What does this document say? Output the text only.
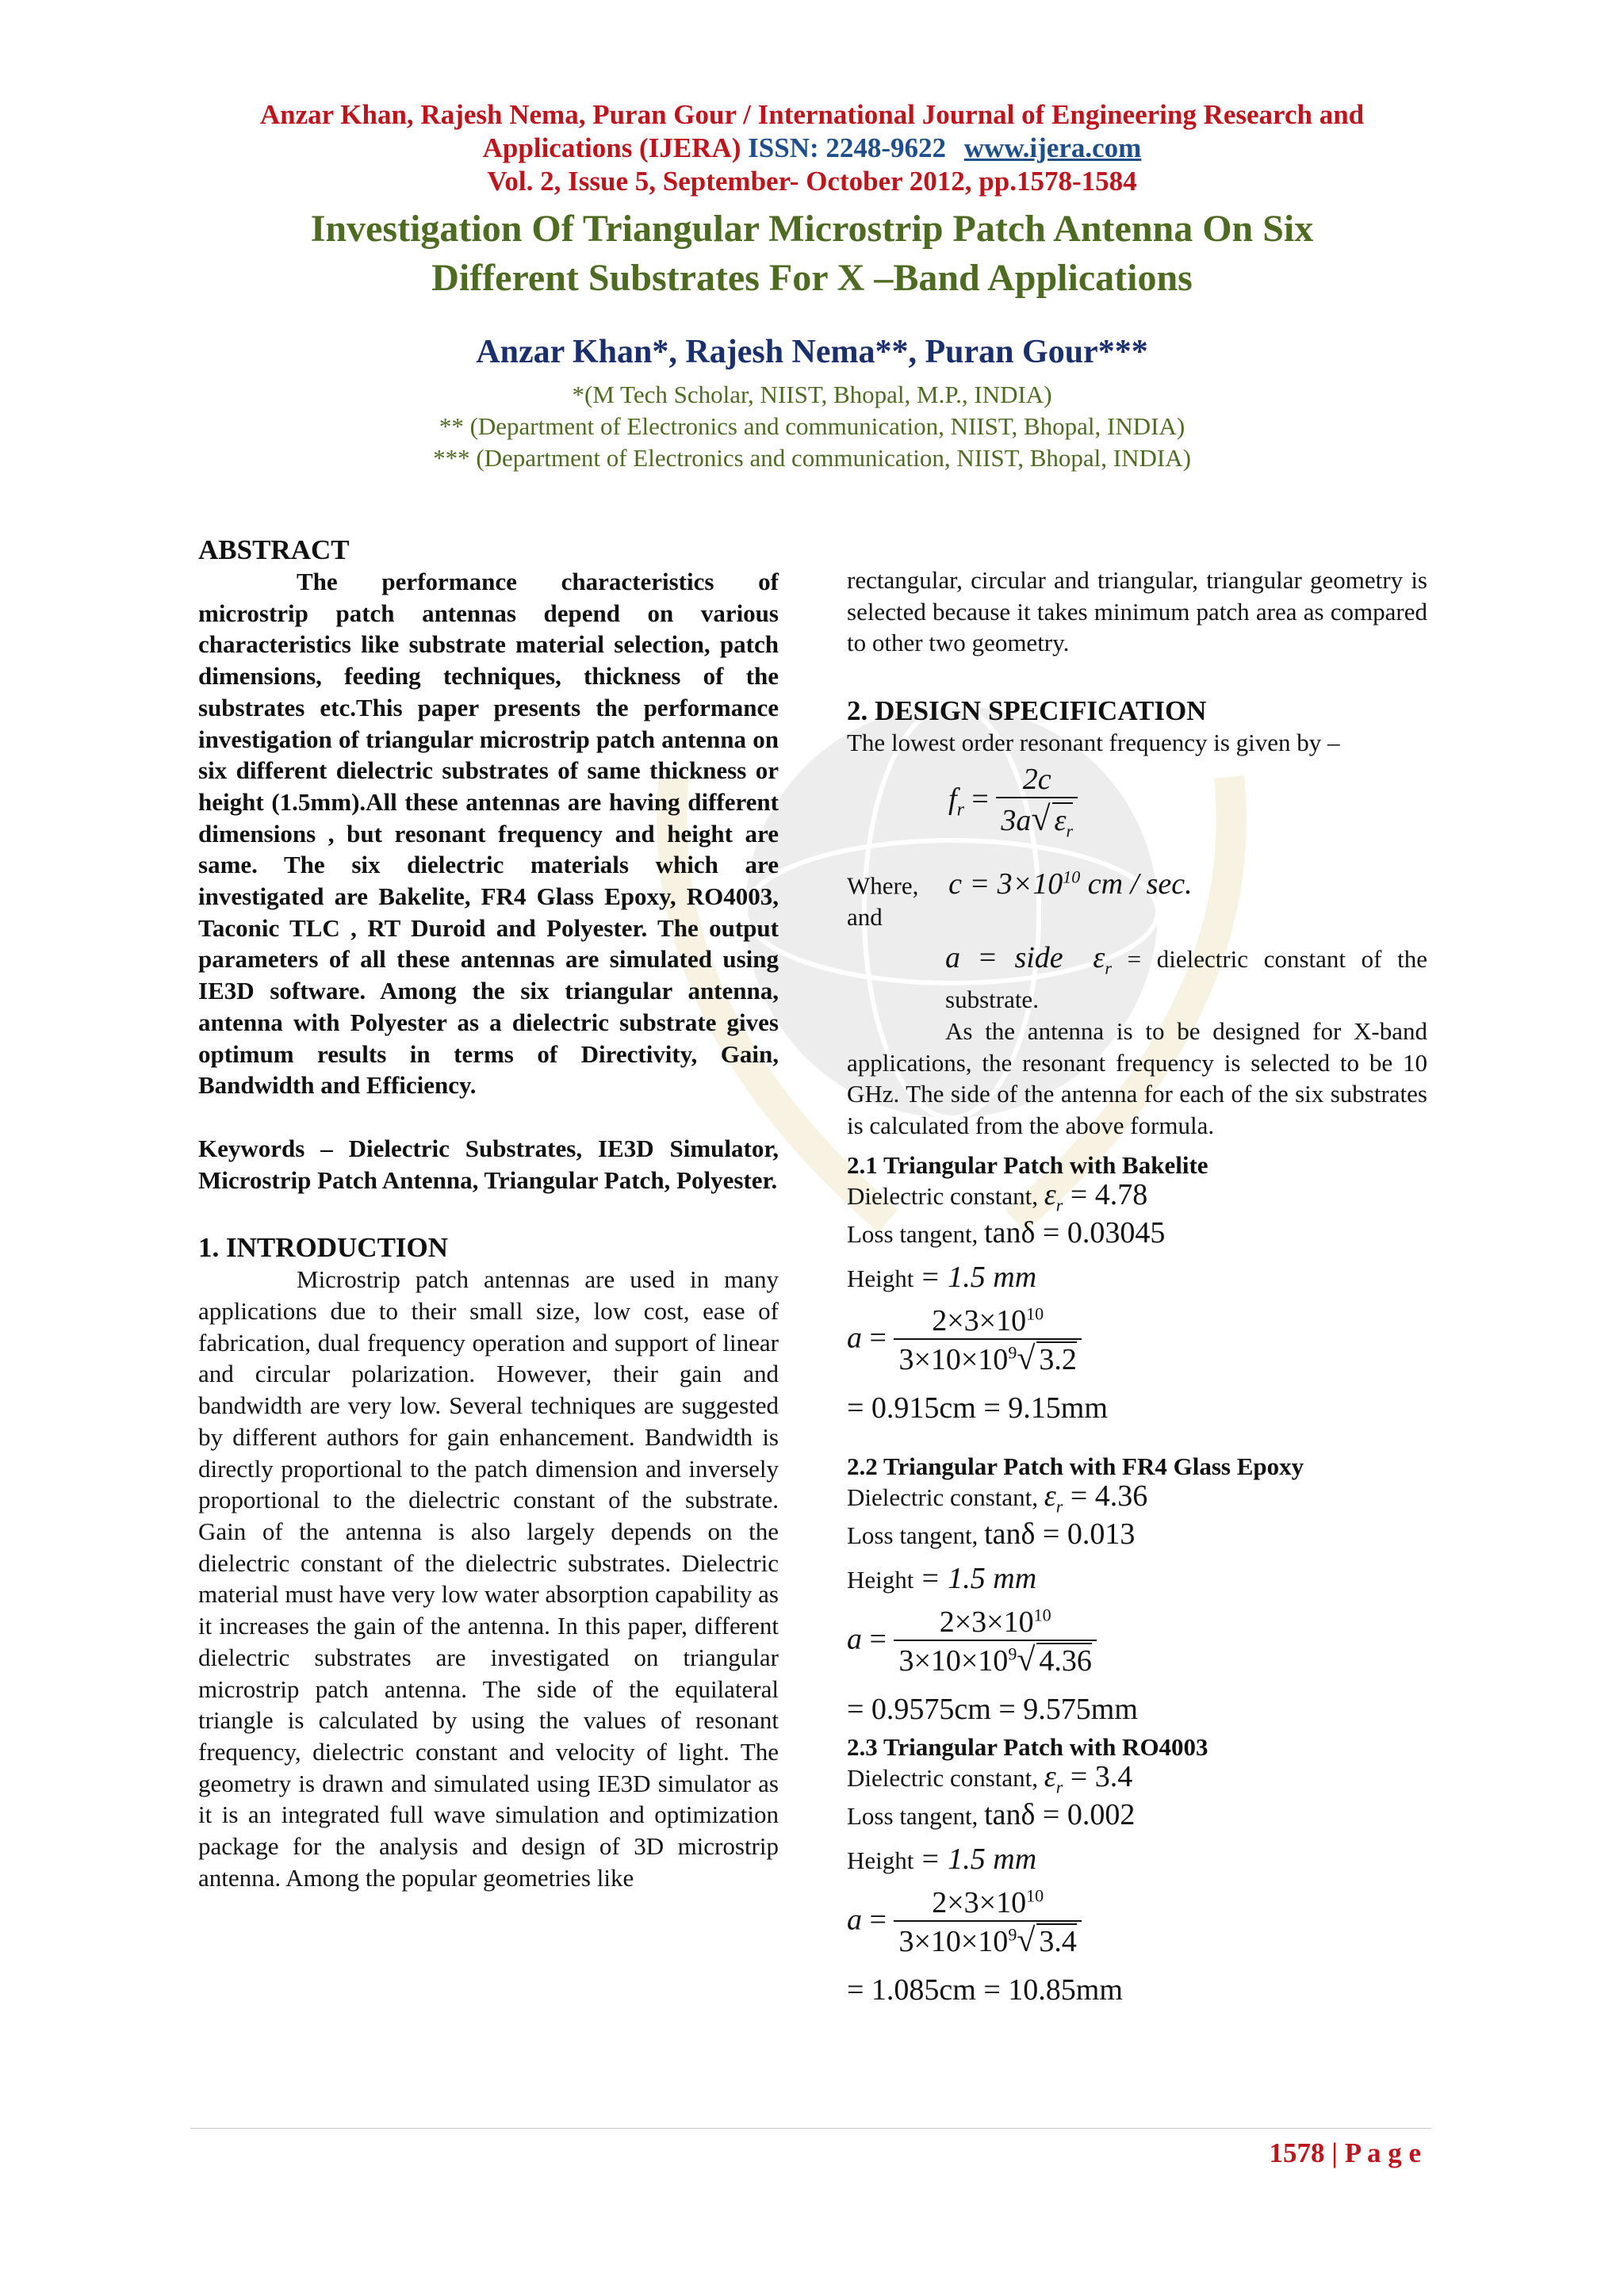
Anzar Khan, Rajesh Nema, Puran Gour / International Journal of Engineering Research and
Applications (IJERA) ISSN: 2248-9622 www.ijera.com
Vol. 2, Issue 5, September- October 2012, pp.1578-1584
Investigation Of Triangular Microstrip Patch Antenna On Six
Different Substrates For X –Band Applications
Anzar Khan*, Rajesh Nema**, Puran Gour***
*(M Tech Scholar, NIIST, Bhopal, M.P., INDIA)
** (Department of Electronics and communication, NIIST, Bhopal, INDIA)
*** (Department of Electronics and communication, NIIST, Bhopal, INDIA)
ABSTRACT
The performance characteristics of microstrip patch antennas depend on various characteristics like substrate material selection, patch dimensions, feeding techniques, thickness of the substrates etc.This paper presents the performance investigation of triangular microstrip patch antenna on six different dielectric substrates of same thickness or height (1.5mm).All these antennas are having different dimensions , but resonant frequency and height are same. The six dielectric materials which are investigated are Bakelite, FR4 Glass Epoxy, RO4003, Taconic TLC , RT Duroid and Polyester. The output parameters of all these antennas are simulated using IE3D software. Among the six triangular antenna, antenna with Polyester as a dielectric substrate gives optimum results in terms of Directivity, Gain, Bandwidth and Efficiency.
Keywords – Dielectric Substrates, IE3D Simulator, Microstrip Patch Antenna, Triangular Patch, Polyester.
1. INTRODUCTION
Microstrip patch antennas are used in many applications due to their small size, low cost, ease of fabrication, dual frequency operation and support of linear and circular polarization. However, their gain and bandwidth are very low. Several techniques are suggested by different authors for gain enhancement. Bandwidth is directly proportional to the patch dimension and inversely proportional to the dielectric constant of the substrate. Gain of the antenna is also largely depends on the dielectric constant of the dielectric substrates. Dielectric material must have very low water absorption capability as it increases the gain of the antenna. In this paper, different dielectric substrates are investigated on triangular microstrip patch antenna. The side of the equilateral triangle is calculated by using the values of resonant frequency, dielectric constant and velocity of light. The geometry is drawn and simulated using IE3D simulator as it is an integrated full wave simulation and optimization package for the analysis and design of 3D microstrip antenna. Among the popular geometries like
rectangular, circular and triangular, triangular geometry is selected because it takes minimum patch area as compared to other two geometry.
2. DESIGN SPECIFICATION
The lowest order resonant frequency is given by –
$f_r = \frac{2c}{3a√ \varepsilon_r}$
Where, $c = 3\times 10^{10}$ cm / sec.
and
a = side $\varepsilon_r$ = dielectric constant of the substrate.
As the antenna is to be designed for X-band applications, the resonant frequency is selected to be 10 GHz. The side of the antenna for each of the six substrates is calculated from the above formula.
2.1 Triangular Patch with Bakelite
Dielectric constant, $\varepsilon_r = 4.78$
Loss tangent, tanδ = 0.03045
Height = 1.5 mm
$a = \frac{2\times 3\times 10^{10}}{3\times 10\times 10^9√ 3.2}$
= 0.915cm = 9.15mm
2.2 Triangular Patch with FR4 Glass Epoxy
Dielectric constant, $\varepsilon_r = 4.36$
Loss tangent, tanδ = 0.013
Height = 1.5 mm
$a = \frac{2\times 3\times 10^{10}}{3\times 10\times 10^9√ 4.36}$
= 0.9575cm = 9.575mm
2.3 Triangular Patch with RO4003
Dielectric constant, $\varepsilon_r = 3.4$
Loss tangent, tanδ = 0.002
Height = 1.5 mm
$a = \frac{2\times 3\times 10^{10}}{3\times 10\times 10^9√ 3.4}$
= 1.085cm = 10.85mm
1578 | P a g e
